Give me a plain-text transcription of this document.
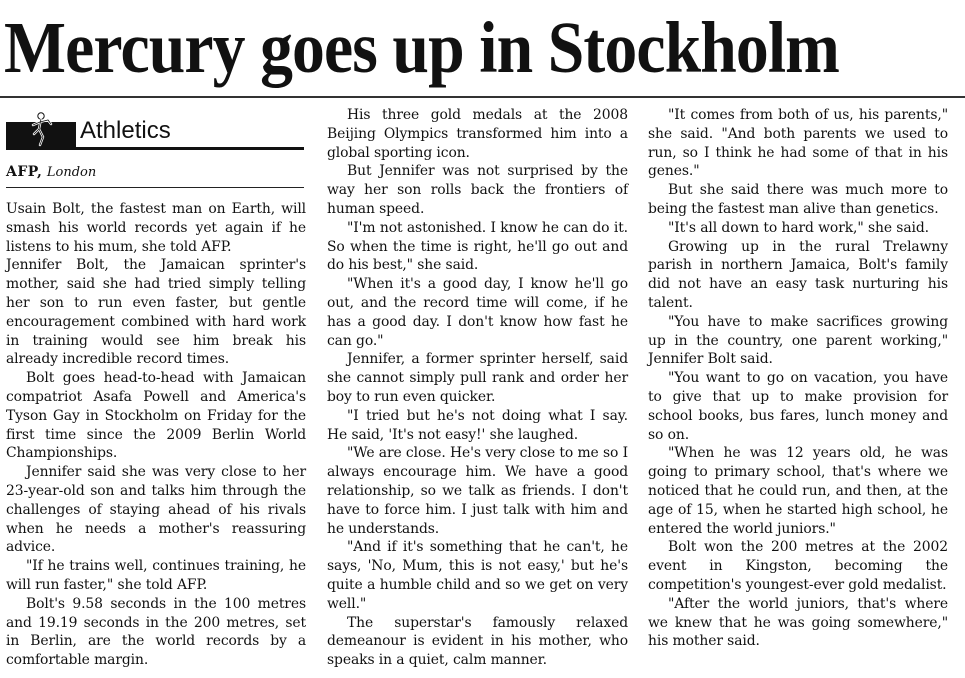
Mercury goes up in Stockholm
Athletics
AFP, London

Usain Bolt, the fastest man on Earth, will smash his world records yet again if he listens to his mum, she told AFP.

Jennifer Bolt, the Jamaican sprinter's mother, said she had tried simply telling her son to run even faster, but gentle encouragement combined with hard work in training would see him break his already incredible record times.

Bolt goes head-to-head with Jamaican compatriot Asafa Powell and America's Tyson Gay in Stockholm on Friday for the first time since the 2009 Berlin World Championships.

Jennifer said she was very close to her 23-year-old son and talks him through the challenges of staying ahead of his rivals when he needs a mother's reassuring advice.

"If he trains well, continues training, he will run faster," she told AFP.

Bolt's 9.58 seconds in the 100 metres and 19.19 seconds in the 200 metres, set in Berlin, are the world records by a comfortable margin.

His three gold medals at the 2008 Beijing Olympics transformed him into a global sporting icon.

But Jennifer was not surprised by the way her son rolls back the frontiers of human speed.

"I'm not astonished. I know he can do it. So when the time is right, he'll go out and do his best," she said.

"When it's a good day, I know he'll go out, and the record time will come, if he has a good day. I don't know how fast he can go."

Jennifer, a former sprinter herself, said she cannot simply pull rank and order her boy to run even quicker.

"I tried but he's not doing what I say. He said, 'It's not easy!' she laughed.

"We are close. He's very close to me so I always encourage him. We have a good relationship, so we talk as friends. I don't have to force him. I just talk with him and he understands.

"And if it's something that he can't, he says, 'No, Mum, this is not easy,' but he's quite a humble child and so we get on very well."

The superstar's famously relaxed demeanour is evident in his mother, who speaks in a quiet, calm manner.

"It comes from both of us, his parents," she said. "And both parents we used to run, so I think he had some of that in his genes."

But she said there was much more to being the fastest man alive than genetics.

"It's all down to hard work," she said.

Growing up in the rural Trelawny parish in northern Jamaica, Bolt's family did not have an easy task nurturing his talent.

"You have to make sacrifices growing up in the country, one parent working," Jennifer Bolt said.

"You want to go on vacation, you have to give that up to make provision for school books, bus fares, lunch money and so on.

"When he was 12 years old, he was going to primary school, that's where we noticed that he could run, and then, at the age of 15, when he started high school, he entered the world juniors."

Bolt won the 200 metres at the 2002 event in Kingston, becoming the competition's youngest-ever gold medalist.

"After the world juniors, that's where we knew that he was going somewhere," his mother said.
